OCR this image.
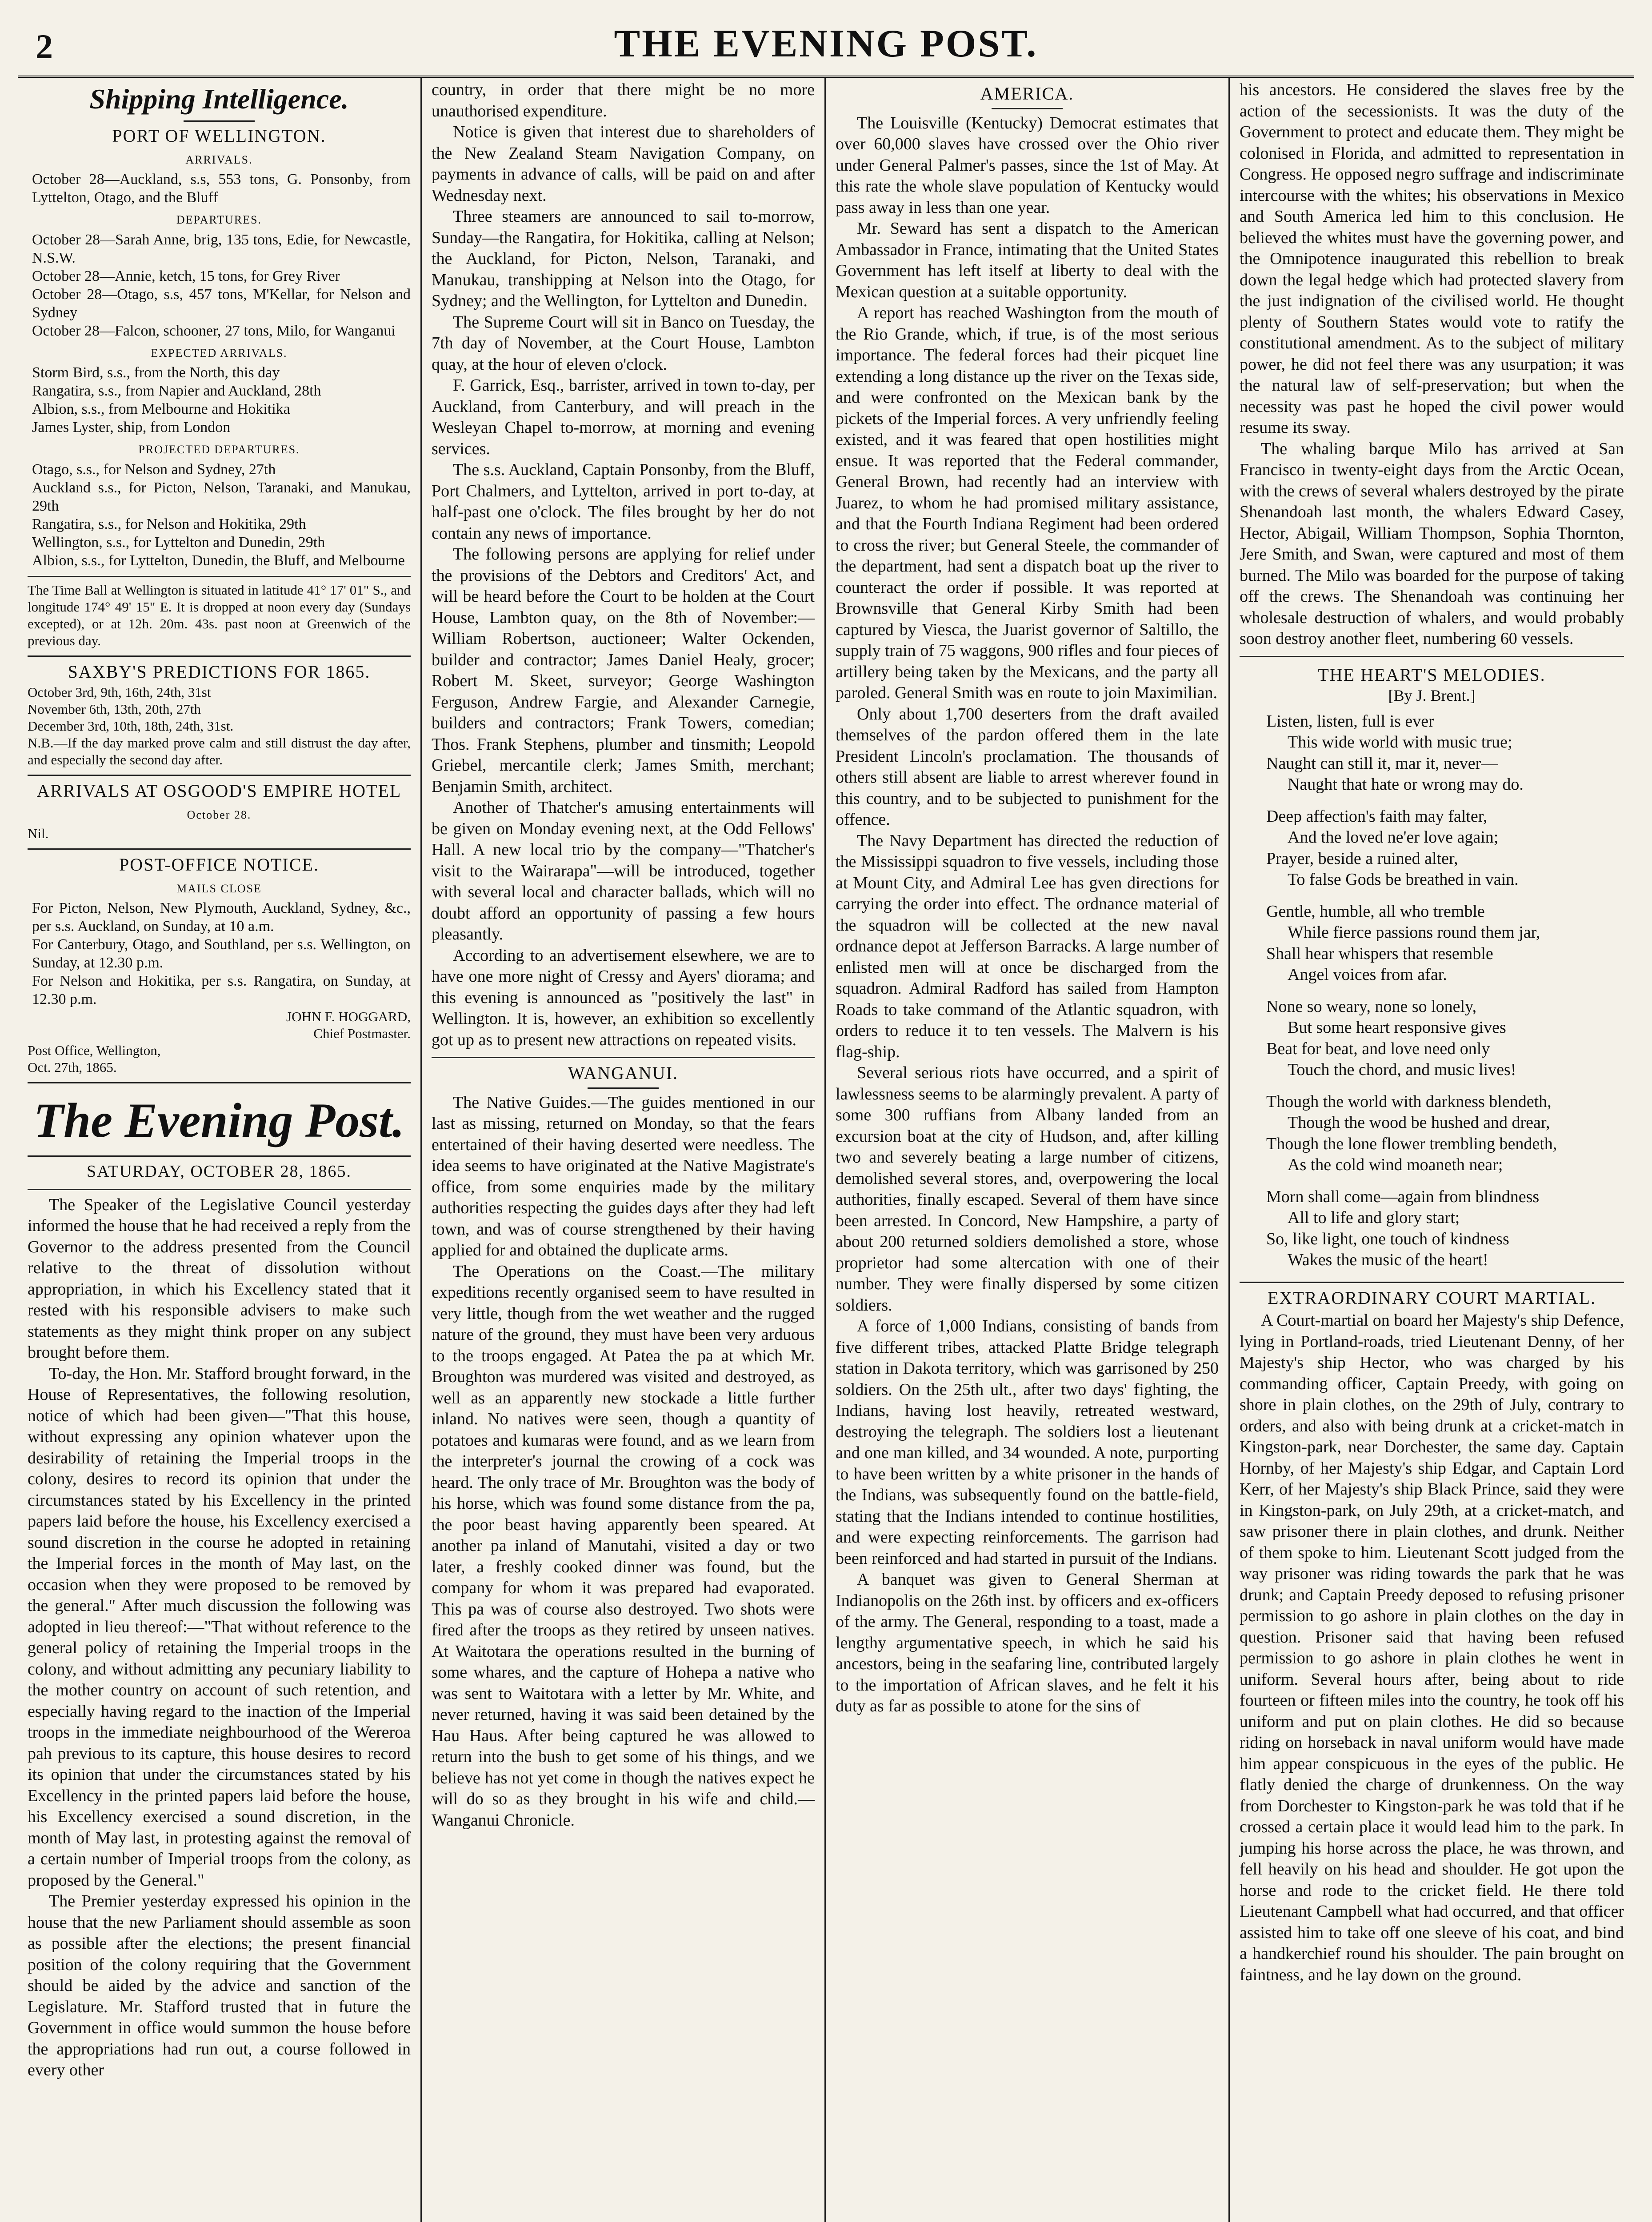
2	THE EVENING POST.
Shipping Intelligence.
PORT OF WELLINGTON.
ARRIVALS.

October 28—Auckland, s.s, 553 tons, G. Ponsonby, from Lyttelton, Otago, and the Bluff

DEPARTURES.

October 28—Sarah Anne, brig, 135 tons, Edie, for Newcastle, N.S.W.

October 28—Annie, ketch, 15 tons, for Grey River

October 28—Otago, s.s, 457 tons, M'Kellar, for Nelson and Sydney

October 28—Falcon, schooner, 27 tons, Milo, for Wanganui

EXPECTED ARRIVALS.

Storm Bird, s.s., from the North, this day

Rangatira, s.s., from Napier and Auckland, 28th

Albion, s.s., from Melbourne and Hokitika

James Lyster, ship, from London

PROJECTED DEPARTURES.

Otago, s.s., for Nelson and Sydney, 27th

Auckland s.s., for Picton, Nelson, Taranaki, and Manukau, 29th

Rangatira, s.s., for Nelson and Hokitika, 29th

Wellington, s.s., for Lyttelton and Dunedin, 29th

Albion, s.s., for Lyttelton, Dunedin, the Bluff, and Melbourne

The Time Ball at Wellington is situated in latitude 41° 17' 01" S., and longitude 174° 49' 15" E. It is dropped at noon every day (Sundays excepted), or at 12h. 20m. 43s. past noon at Greenwich of the previous day.

SAXBY'S PREDICTIONS FOR 1865.

October 3rd, 9th, 16th, 24th, 31st

November 6th, 13th, 20th, 27th

December 3rd, 10th, 18th, 24th, 31st.

N.B.—If the day marked prove calm and still distrust the day after, and especially the second day after.

ARRIVALS AT OSGOOD'S EMPIRE HOTEL
October 28.

Nil.

POST-OFFICE NOTICE.
MAILS CLOSE

For Picton, Nelson, New Plymouth, Auckland, Sydney, &c., per s.s. Auckland, on Sunday, at 10 a.m.

For Canterbury, Otago, and Southland, per s.s. Wellington, on Sunday, at 12.30 p.m.

For Nelson and Hokitika, per s.s. Rangatira, on Sunday, at 12.30 p.m.

JOHN F. HOGGARD,

Chief Postmaster.

Post Office, Wellington,

Oct. 27th, 1865.

The Evening Post.
SATURDAY, OCTOBER 28, 1865.

The Speaker of the Legislative Council yesterday informed the house that he had received a reply from the Governor to the address presented from the Council relative to the threat of dissolution without appropriation, in which his Excellency stated that it rested with his responsible advisers to make such statements as they might think proper on any subject brought before them.

To-day, the Hon. Mr. Stafford brought forward, in the House of Representatives, the following resolution, notice of which had been given—"That this house, without expressing any opinion whatever upon the desirability of retaining the Imperial troops in the colony, desires to record its opinion that under the circumstances stated by his Excellency in the printed papers laid before the house, his Excellency exercised a sound discretion in the course he adopted in retaining the Imperial forces in the month of May last, on the occasion when they were proposed to be removed by the general." After much discussion the following was adopted in lieu thereof:—"That without reference to the general policy of retaining the Imperial troops in the colony, and without admitting any pecuniary liability to the mother country on account of such retention, and especially having regard to the inaction of the Imperial troops in the immediate neighbourhood of the Wereroa pah previous to its capture, this house desires to record its opinion that under the circumstances stated by his Excellency in the printed papers laid before the house, his Excellency exercised a sound discretion, in the month of May last, in protesting against the removal of a certain number of Imperial troops from the colony, as proposed by the General."

The Premier yesterday expressed his opinion in the house that the new Parliament should assemble as soon as possible after the elections; the present financial position of the colony requiring that the Government should be aided by the advice and sanction of the Legislature. Mr. Stafford trusted that in future the Government in office would summon the house before the appropriations had run out, a course followed in every other

country, in order that there might be no more unauthorised expenditure.

Notice is given that interest due to shareholders of the New Zealand Steam Navigation Company, on payments in advance of calls, will be paid on and after Wednesday next.

Three steamers are announced to sail to-morrow, Sunday—the Rangatira, for Hokitika, calling at Nelson; the Auckland, for Picton, Nelson, Taranaki, and Manukau, transhipping at Nelson into the Otago, for Sydney; and the Wellington, for Lyttelton and Dunedin.

The Supreme Court will sit in Banco on Tuesday, the 7th day of November, at the Court House, Lambton quay, at the hour of eleven o'clock.

F. Garrick, Esq., barrister, arrived in town to-day, per Auckland, from Canterbury, and will preach in the Wesleyan Chapel to-morrow, at morning and evening services.

The s.s. Auckland, Captain Ponsonby, from the Bluff, Port Chalmers, and Lyttelton, arrived in port to-day, at half-past one o'clock. The files brought by her do not contain any news of importance.

The following persons are applying for relief under the provisions of the Debtors and Creditors' Act, and will be heard before the Court to be holden at the Court House, Lambton quay, on the 8th of November:—William Robertson, auctioneer; Walter Ockenden, builder and contractor; James Daniel Healy, grocer; Robert M. Skeet, surveyor; George Washington Ferguson, Andrew Fargie, and Alexander Carnegie, builders and contractors; Frank Towers, comedian; Thos. Frank Stephens, plumber and tinsmith; Leopold Griebel, mercantile clerk; James Smith, merchant; Benjamin Smith, architect.

Another of Thatcher's amusing entertainments will be given on Monday evening next, at the Odd Fellows' Hall. A new local trio by the company—"Thatcher's visit to the Wairarapa"—will be introduced, together with several local and character ballads, which will no doubt afford an opportunity of passing a few hours pleasantly.

According to an advertisement elsewhere, we are to have one more night of Cressy and Ayers' diorama; and this evening is announced as "positively the last" in Wellington. It is, however, an exhibition so excellently got up as to present new attractions on repeated visits.

WANGANUI.

The Native Guides.—The guides mentioned in our last as missing, returned on Monday, so that the fears entertained of their having deserted were needless. The idea seems to have originated at the Native Magistrate's office, from some enquiries made by the military authorities respecting the guides days after they had left town, and was of course strengthened by their having applied for and obtained the duplicate arms.

The Operations on the Coast.—The military expeditions recently organised seem to have resulted in very little, though from the wet weather and the rugged nature of the ground, they must have been very arduous to the troops engaged. At Patea the pa at which Mr. Broughton was murdered was visited and destroyed, as well as an apparently new stockade a little further inland. No natives were seen, though a quantity of potatoes and kumaras were found, and as we learn from the interpreter's journal the crowing of a cock was heard. The only trace of Mr. Broughton was the body of his horse, which was found some distance from the pa, the poor beast having apparently been speared. At another pa inland of Manutahi, visited a day or two later, a freshly cooked dinner was found, but the company for whom it was prepared had evaporated. This pa was of course also destroyed. Two shots were fired after the troops as they retired by unseen natives. At Waitotara the operations resulted in the burning of some whares, and the capture of Hohepa a native who was sent to Waitotara with a letter by Mr. White, and never returned, having it was said been detained by the Hau Haus. After being captured he was allowed to return into the bush to get some of his things, and we believe has not yet come in though the natives expect he will do so as they brought in his wife and child.—Wanganui Chronicle.

AMERICA.

The Louisville (Kentucky) Democrat estimates that over 60,000 slaves have crossed over the Ohio river under General Palmer's passes, since the 1st of May. At this rate the whole slave population of Kentucky would pass away in less than one year.

Mr. Seward has sent a dispatch to the American Ambassador in France, intimating that the United States Government has left itself at liberty to deal with the Mexican question at a suitable opportunity.

A report has reached Washington from the mouth of the Rio Grande, which, if true, is of the most serious importance. The federal forces had their picquet line extending a long distance up the river on the Texas side, and were confronted on the Mexican bank by the pickets of the Imperial forces. A very unfriendly feeling existed, and it was feared that open hostilities might ensue. It was reported that the Federal commander, General Brown, had recently had an interview with Juarez, to whom he had promised military assistance, and that the Fourth Indiana Regiment had been ordered to cross the river; but General Steele, the commander of the department, had sent a dispatch boat up the river to counteract the order if possible. It was reported at Brownsville that General Kirby Smith had been captured by Viesca, the Juarist governor of Saltillo, the supply train of 75 waggons, 900 rifles and four pieces of artillery being taken by the Mexicans, and the party all paroled. General Smith was en route to join Maximilian.

Only about 1,700 deserters from the draft availed themselves of the pardon offered them in the late President Lincoln's proclamation. The thousands of others still absent are liable to arrest wherever found in this country, and to be subjected to punishment for the offence.

The Navy Department has directed the reduction of the Mississippi squadron to five vessels, including those at Mount City, and Admiral Lee has gven directions for carrying the order into effect. The ordnance material of the squadron will be collected at the new naval ordnance depot at Jefferson Barracks. A large number of enlisted men will at once be discharged from the squadron. Admiral Radford has sailed from Hampton Roads to take command of the Atlantic squadron, with orders to reduce it to ten vessels. The Malvern is his flag-ship.

Several serious riots have occurred, and a spirit of lawlessness seems to be alarmingly prevalent. A party of some 300 ruffians from Albany landed from an excursion boat at the city of Hudson, and, after killing two and severely beating a large number of citizens, demolished several stores, and, overpowering the local authorities, finally escaped. Several of them have since been arrested. In Concord, New Hampshire, a party of about 200 returned soldiers demolished a store, whose proprietor had some altercation with one of their number. They were finally dispersed by some citizen soldiers.

A force of 1,000 Indians, consisting of bands from five different tribes, attacked Platte Bridge telegraph station in Dakota territory, which was garrisoned by 250 soldiers. On the 25th ult., after two days' fighting, the Indians, having lost heavily, retreated westward, destroying the telegraph. The soldiers lost a lieutenant and one man killed, and 34 wounded. A note, purporting to have been written by a white prisoner in the hands of the Indians, was subsequently found on the battle-field, stating that the Indians intended to continue hostilities, and were expecting reinforcements. The garrison had been reinforced and had started in pursuit of the Indians.

A banquet was given to General Sherman at Indianopolis on the 26th inst. by officers and ex-officers of the army. The General, responding to a toast, made a lengthy argumentative speech, in which he said his ancestors, being in the seafaring line, contributed largely to the importation of African slaves, and he felt it his duty as far as possible to atone for the sins of

his ancestors. He considered the slaves free by the action of the secessionists. It was the duty of the Government to protect and educate them. They might be colonised in Florida, and admitted to representation in Congress. He opposed negro suffrage and indiscriminate intercourse with the whites; his observations in Mexico and South America led him to this conclusion. He believed the whites must have the governing power, and the Omnipotence inaugurated this rebellion to break down the legal hedge which had protected slavery from the just indignation of the civilised world. He thought plenty of Southern States would vote to ratify the constitutional amendment. As to the subject of military power, he did not feel there was any usurpation; it was the natural law of self-preservation; but when the necessity was past he hoped the civil power would resume its sway.

The whaling barque Milo has arrived at San Francisco in twenty-eight days from the Arctic Ocean, with the crews of several whalers destroyed by the pirate Shenandoah last month, the whalers Edward Casey, Hector, Abigail, William Thompson, Sophia Thornton, Jere Smith, and Swan, were captured and most of them burned. The Milo was boarded for the purpose of taking off the crews. The Shenandoah was continuing her wholesale destruction of whalers, and would probably soon destroy another fleet, numbering 60 vessels.

THE HEART'S MELODIES.
[By J. Brent.]
Listen, listen, full is ever
This wide world with music true;
Naught can still it, mar it, never—
Naught that hate or wrong may do.
Deep affection's faith may falter,
And the loved ne'er love again;
Prayer, beside a ruined alter,
To false Gods be breathed in vain.
Gentle, humble, all who tremble
While fierce passions round them jar,
Shall hear whispers that resemble
Angel voices from afar.
None so weary, none so lonely,
But some heart responsive gives
Beat for beat, and love need only
Touch the chord, and music lives!
Though the world with darkness blendeth,
Though the wood be hushed and drear,
Though the lone flower trembling bendeth,
As the cold wind moaneth near;
Morn shall come—again from blindness
All to life and glory start;
So, like light, one touch of kindness
Wakes the music of the heart!
EXTRAORDINARY COURT MARTIAL.

A Court-martial on board her Majesty's ship Defence, lying in Portland-roads, tried Lieutenant Denny, of her Majesty's ship Hector, who was charged by his commanding officer, Captain Preedy, with going on shore in plain clothes, on the 29th of July, contrary to orders, and also with being drunk at a cricket-match in Kingston-park, near Dorchester, the same day. Captain Hornby, of her Majesty's ship Edgar, and Captain Lord Kerr, of her Majesty's ship Black Prince, said they were in Kingston-park, on July 29th, at a cricket-match, and saw prisoner there in plain clothes, and drunk. Neither of them spoke to him. Lieutenant Scott judged from the way prisoner was riding towards the park that he was drunk; and Captain Preedy deposed to refusing prisoner permission to go ashore in plain clothes on the day in question. Prisoner said that having been refused permission to go ashore in plain clothes he went in uniform. Several hours after, being about to ride fourteen or fifteen miles into the country, he took off his uniform and put on plain clothes. He did so because riding on horseback in naval uniform would have made him appear conspicuous in the eyes of the public. He flatly denied the charge of drunkenness. On the way from Dorchester to Kingston-park he was told that if he crossed a certain place it would lead him to the park. In jumping his horse across the place, he was thrown, and fell heavily on his head and shoulder. He got upon the horse and rode to the cricket field. He there told Lieutenant Campbell what had occurred, and that officer assisted him to take off one sleeve of his coat, and bind a handkerchief round his shoulder. The pain brought on faintness, and he lay down on the ground.
